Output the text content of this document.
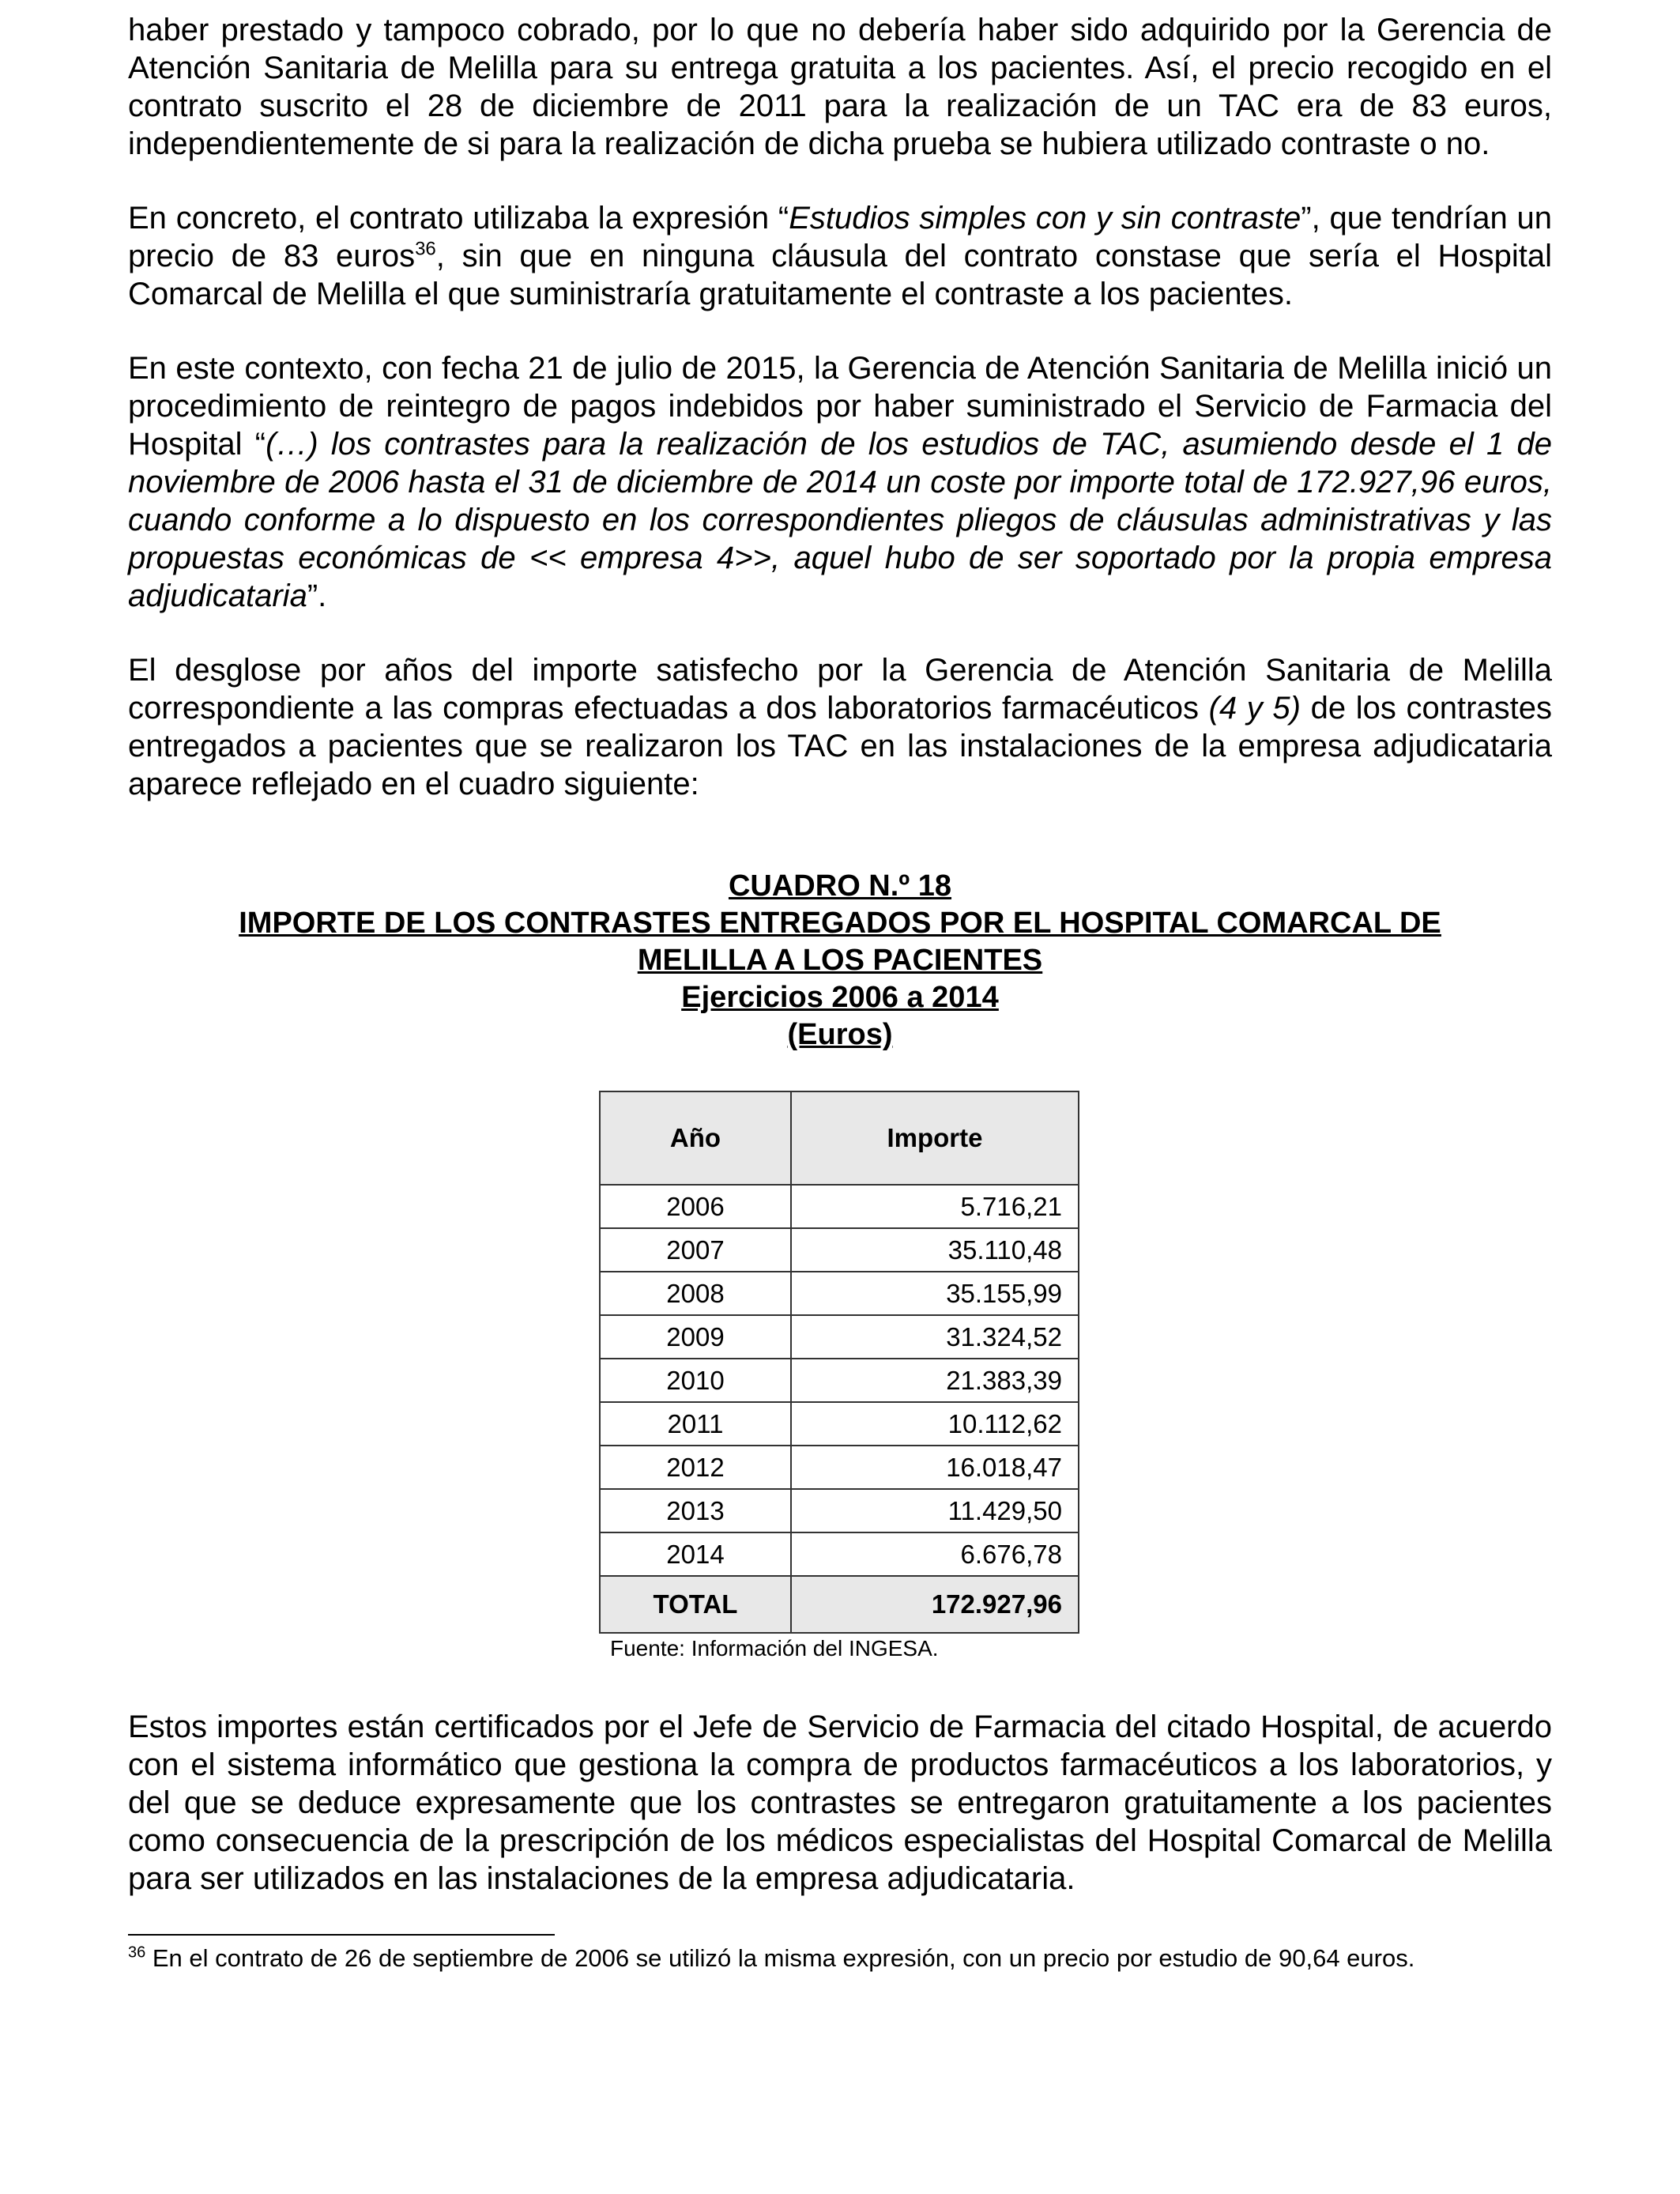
haber prestado y tampoco cobrado, por lo que no debería haber sido adquirido por la Gerencia de Atención Sanitaria de Melilla para su entrega gratuita a los pacientes. Así, el precio recogido en el contrato suscrito el 28 de diciembre de 2011 para la realización de un TAC era de 83 euros, independientemente de si para la realización de dicha prueba se hubiera utilizado contraste o no.

En concreto, el contrato utilizaba la expresión “Estudios simples con y sin contraste”, que tendrían un precio de 83 euros$^{36}$, sin que en ninguna cláusula del contrato constase que sería el Hospital Comarcal de Melilla el que suministraría gratuitamente el contraste a los pacientes.

En este contexto, con fecha 21 de julio de 2015, la Gerencia de Atención Sanitaria de Melilla inició un procedimiento de reintegro de pagos indebidos por haber suministrado el Servicio de Farmacia del Hospital “(…) los contrastes para la realización de los estudios de TAC, asumiendo desde el 1 de noviembre de 2006 hasta el 31 de diciembre de 2014 un coste por importe total de 172.927,96 euros, cuando conforme a lo dispuesto en los correspondientes pliegos de cláusulas administrativas y las propuestas económicas de << empresa 4>>, aquel hubo de ser soportado por la propia empresa adjudicataria”.

El desglose por años del importe satisfecho por la Gerencia de Atención Sanitaria de Melilla correspondiente a las compras efectuadas a dos laboratorios farmacéuticos (4 y 5) de los contrastes entregados a pacientes que se realizaron los TAC en las instalaciones de la empresa adjudicataria aparece reflejado en el cuadro siguiente:

CUADRO N.º 18
IMPORTE DE LOS CONTRASTES ENTREGADOS POR EL HOSPITAL COMARCAL DE
MELILLA A LOS PACIENTES
Ejercicios 2006 a 2014
(Euros)
Año	Importe
2006	5.716,21
2007	35.110,48
2008	35.155,99
2009	31.324,52
2010	21.383,39
2011	10.112,62
2012	16.018,47
2013	11.429,50
2014	6.676,78
TOTAL	172.927,96
Fuente: Información del INGESA.

Estos importes están certificados por el Jefe de Servicio de Farmacia del citado Hospital, de acuerdo con el sistema informático que gestiona la compra de productos farmacéuticos a los laboratorios, y del que se deduce expresamente que los contrastes se entregaron gratuitamente a los pacientes como consecuencia de la prescripción de los médicos especialistas del Hospital Comarcal de Melilla para ser utilizados en las instalaciones de la empresa adjudicataria.

$^{36}$ En el contrato de 26 de septiembre de 2006 se utilizó la misma expresión, con un precio por estudio de 90,64 euros.
